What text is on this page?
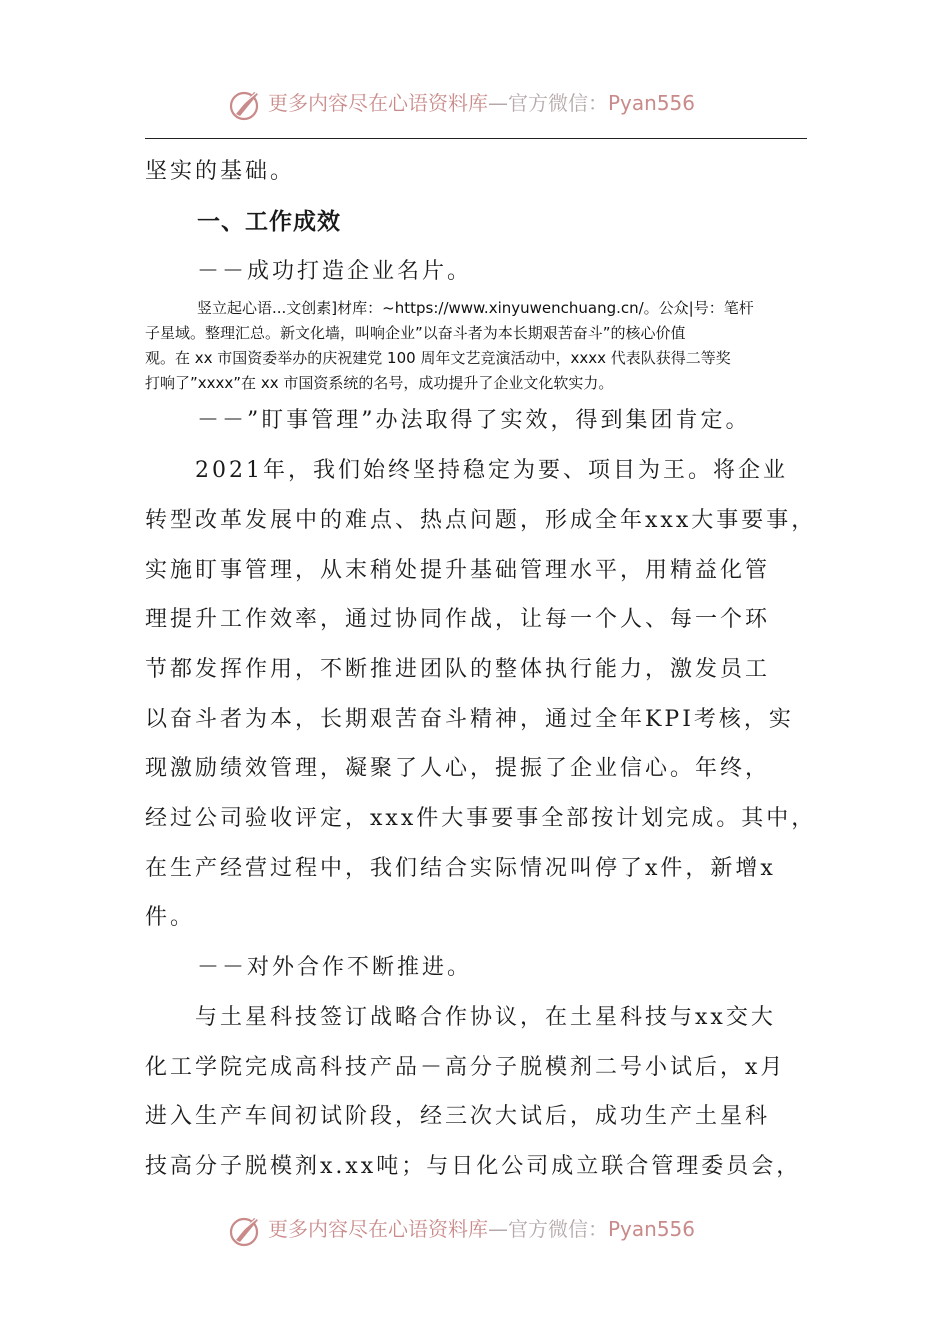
更多内容尽在心语资料库—官方微信：Pyan556
坚实的基础。
一、工作成效
－－成功打造企业名片。

竖立起心语...文创素]材库：~https://www.xinyuwenchuang.cn/。公众|号：笔杆

子星域。整理汇总。新文化墙，叫响企业”以奋斗者为本长期艰苦奋斗”的核心价值

观。在 xx 市国资委举办的庆祝建党 100 周年文艺竞演活动中，xxxx 代表队获得二等奖

打响了”xxxx”在 xx 市国资系统的名号，成功提升了企业文化软实力。

－－”盯事管理”办法取得了实效，得到集团肯定。
　　2021年，我们始终坚持稳定为要、项目为王。将企业
转型改革发展中的难点、热点问题，形成全年xxx大事要事，
实施盯事管理，从末稍处提升基础管理水平，用精益化管
理提升工作效率，通过协同作战，让每一个人、每一个环
节都发挥作用，不断推进团队的整体执行能力，激发员工
以奋斗者为本，长期艰苦奋斗精神，通过全年KPI考核，实
现激励绩效管理，凝聚了人心，提振了企业信心。年终，
经过公司验收评定，xxx件大事要事全部按计划完成。其中，
在生产经营过程中，我们结合实际情况叫停了x件，新增x
件。
－－对外合作不断推进。
　　与土星科技签订战略合作协议，在土星科技与xx交大
化工学院完成高科技产品－高分子脱模剂二号小试后，x月
进入生产车间初试阶段，经三次大试后，成功生产土星科
技高分子脱模剂x.xx吨；与日化公司成立联合管理委员会，
更多内容尽在心语资料库—官方微信：Pyan556
